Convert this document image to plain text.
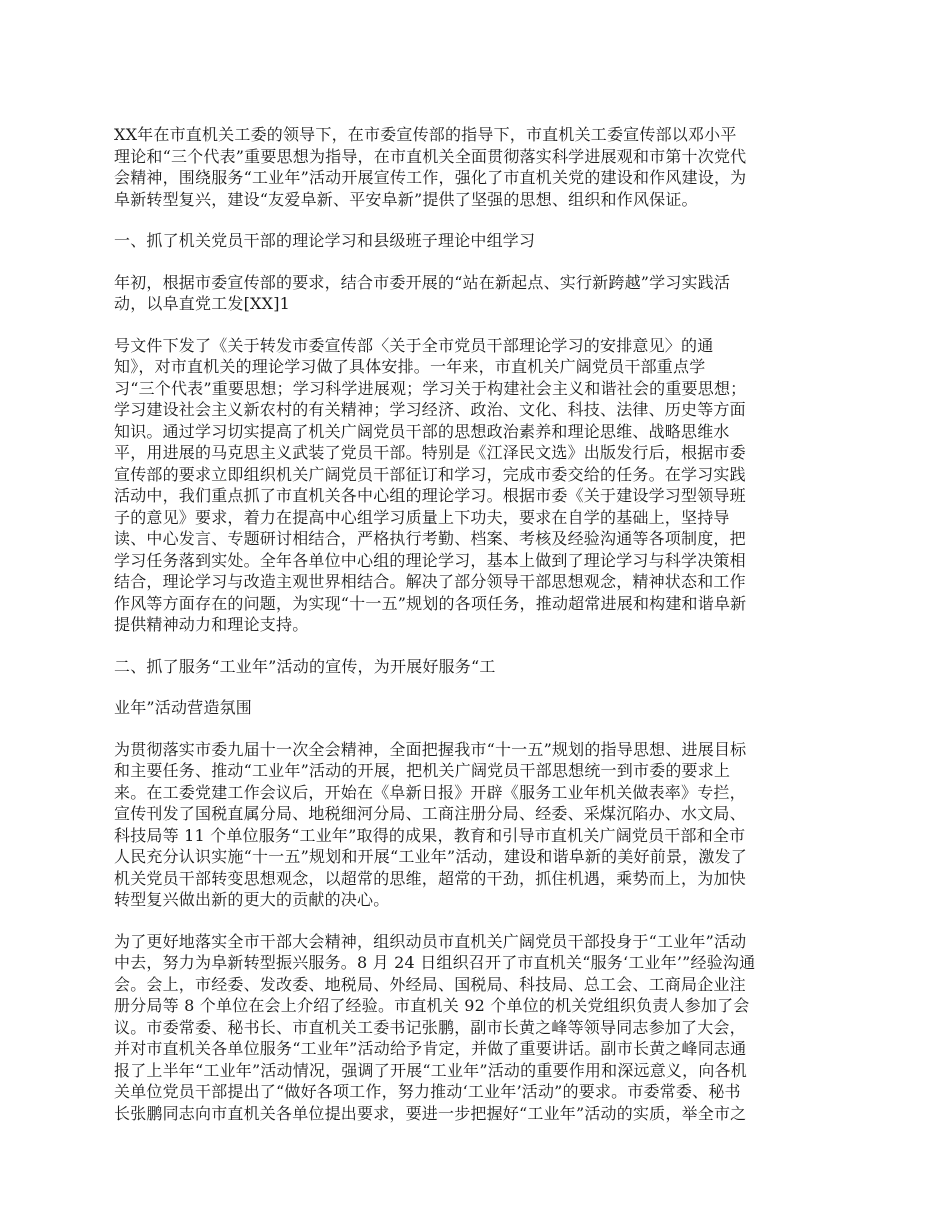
XX年在市直机关工委的领导下，在市委宣传部的指导下，市直机关工委宣传部以邓小平
理论和“三个代表”重要思想为指导，在市直机关全面贯彻落实科学进展观和市第十次党代
会精神，围绕服务“工业年”活动开展宣传工作，强化了市直机关党的建设和作风建设，为
阜新转型复兴，建设“友爱阜新、平安阜新”提供了坚强的思想、组织和作风保证。
一、抓了机关党员干部的理论学习和县级班子理论中组学习
年初，根据市委宣传部的要求，结合市委开展的“站在新起点、实行新跨越”学习实践活
动，以阜直党工发[XX]1
号文件下发了《关于转发市委宣传部〈关于全市党员干部理论学习的安排意见〉的通
知》，对市直机关的理论学习做了具体安排。一年来，市直机关广阔党员干部重点学
习“三个代表”重要思想；学习科学进展观；学习关于构建社会主义和谐社会的重要思想；
学习建设社会主义新农村的有关精神；学习经济、政治、文化、科技、法律、历史等方面
知识。通过学习切实提高了机关广阔党员干部的思想政治素养和理论思维、战略思维水
平，用进展的马克思主义武装了党员干部。特别是《江泽民文选》出版发行后，根据市委
宣传部的要求立即组织机关广阔党员干部征订和学习，完成市委交给的任务。在学习实践
活动中，我们重点抓了市直机关各中心组的理论学习。根据市委《关于建设学习型领导班
子的意见》要求，着力在提高中心组学习质量上下功夫，要求在自学的基础上，坚持导
读、中心发言、专题研讨相结合，严格执行考勤、档案、考核及经验沟通等各项制度，把
学习任务落到实处。全年各单位中心组的理论学习，基本上做到了理论学习与科学决策相
结合，理论学习与改造主观世界相结合。解决了部分领导干部思想观念，精神状态和工作
作风等方面存在的问题，为实现“十一五”规划的各项任务，推动超常进展和构建和谐阜新
提供精神动力和理论支持。
二、抓了服务“工业年”活动的宣传，为开展好服务“工
业年”活动营造氛围
为贯彻落实市委九届十一次全会精神，全面把握我市“十一五”规划的指导思想、进展目标
和主要任务、推动“工业年”活动的开展，把机关广阔党员干部思想统一到市委的要求上
来。在工委党建工作会议后，开始在《阜新日报》开辟《服务工业年机关做表率》专拦，
宣传刊发了国税直属分局、地税细河分局、工商注册分局、经委、采煤沉陷办、水文局、
科技局等 11 个单位服务“工业年”取得的成果，教育和引导市直机关广阔党员干部和全市
人民充分认识实施“十一五”规划和开展“工业年”活动，建设和谐阜新的美好前景，激发了
机关党员干部转变思想观念，以超常的思维，超常的干劲，抓住机遇，乘势而上，为加快
转型复兴做出新的更大的贡献的决心。
为了更好地落实全市干部大会精神，组织动员市直机关广阔党员干部投身于“工业年”活动
中去，努力为阜新转型振兴服务。8 月 24 日组织召开了市直机关“服务‘工业年’”经验沟通
会。会上，市经委、发改委、地税局、外经局、国税局、科技局、总工会、工商局企业注
册分局等 8 个单位在会上介绍了经验。市直机关 92 个单位的机关党组织负责人参加了会
议。市委常委、秘书长、市直机关工委书记张鹏，副市长黄之峰等领导同志参加了大会，
并对市直机关各单位服务“工业年”活动给予肯定，并做了重要讲话。副市长黄之峰同志通
报了上半年“工业年”活动情况，强调了开展“工业年”活动的重要作用和深远意义，向各机
关单位党员干部提出了“做好各项工作，努力推动‘工业年’活动”的要求。市委常委、秘书
长张鹏同志向市直机关各单位提出要求，要进一步把握好“工业年”活动的实质，举全市之
